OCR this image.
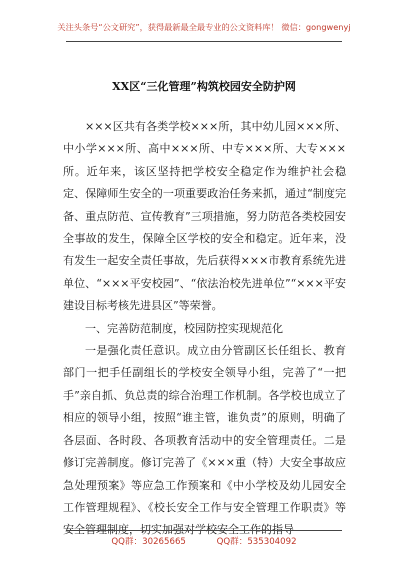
关注头条号“公文研究”，获得最新最全最专业的公文资料库！ 微信：gongwenyj
XX区“三化管理”构筑校园安全防护网

×××区共有各类学校×××所，其中幼儿园×××所、中小学×××所、高中×××所、中专×××所、大专×××所。近年来，该区坚持把学校安全稳定作为维护社会稳定、保障师生安全的一项重要政治任务来抓，通过“制度完备、重点防范、宣传教育”三项措施，努力防范各类校园安全事故的发生，保障全区学校的安全和稳定。近年来，没有发生一起安全责任事故，先后获得×××市教育系统先进单位、“×××平安校园”、“依法治校先进单位”“×××平安建设目标考核先进县区”等荣誉。

一、完善防范制度，校园防控实现规范化

一是强化责任意识。成立由分管副区长任组长、教育部门一把手任副组长的学校安全领导小组，完善了“一把手”亲自抓、负总责的综合治理工作机制。各学校也成立了相应的领导小组，按照“谁主管，谁负责”的原则，明确了各层面、各时段、各项教育活动中的安全管理责任。二是修订完善制度。修订完善了《×××重（特）大安全事故应急处理预案》等应急工作预案和《中小学校及幼儿园安全工作管理规程》、《校长安全工作与安全管理工作职责》等安全管理制度，切实加强对学校安全工作的指导

QQ群：30265665	QQ群：535304092
